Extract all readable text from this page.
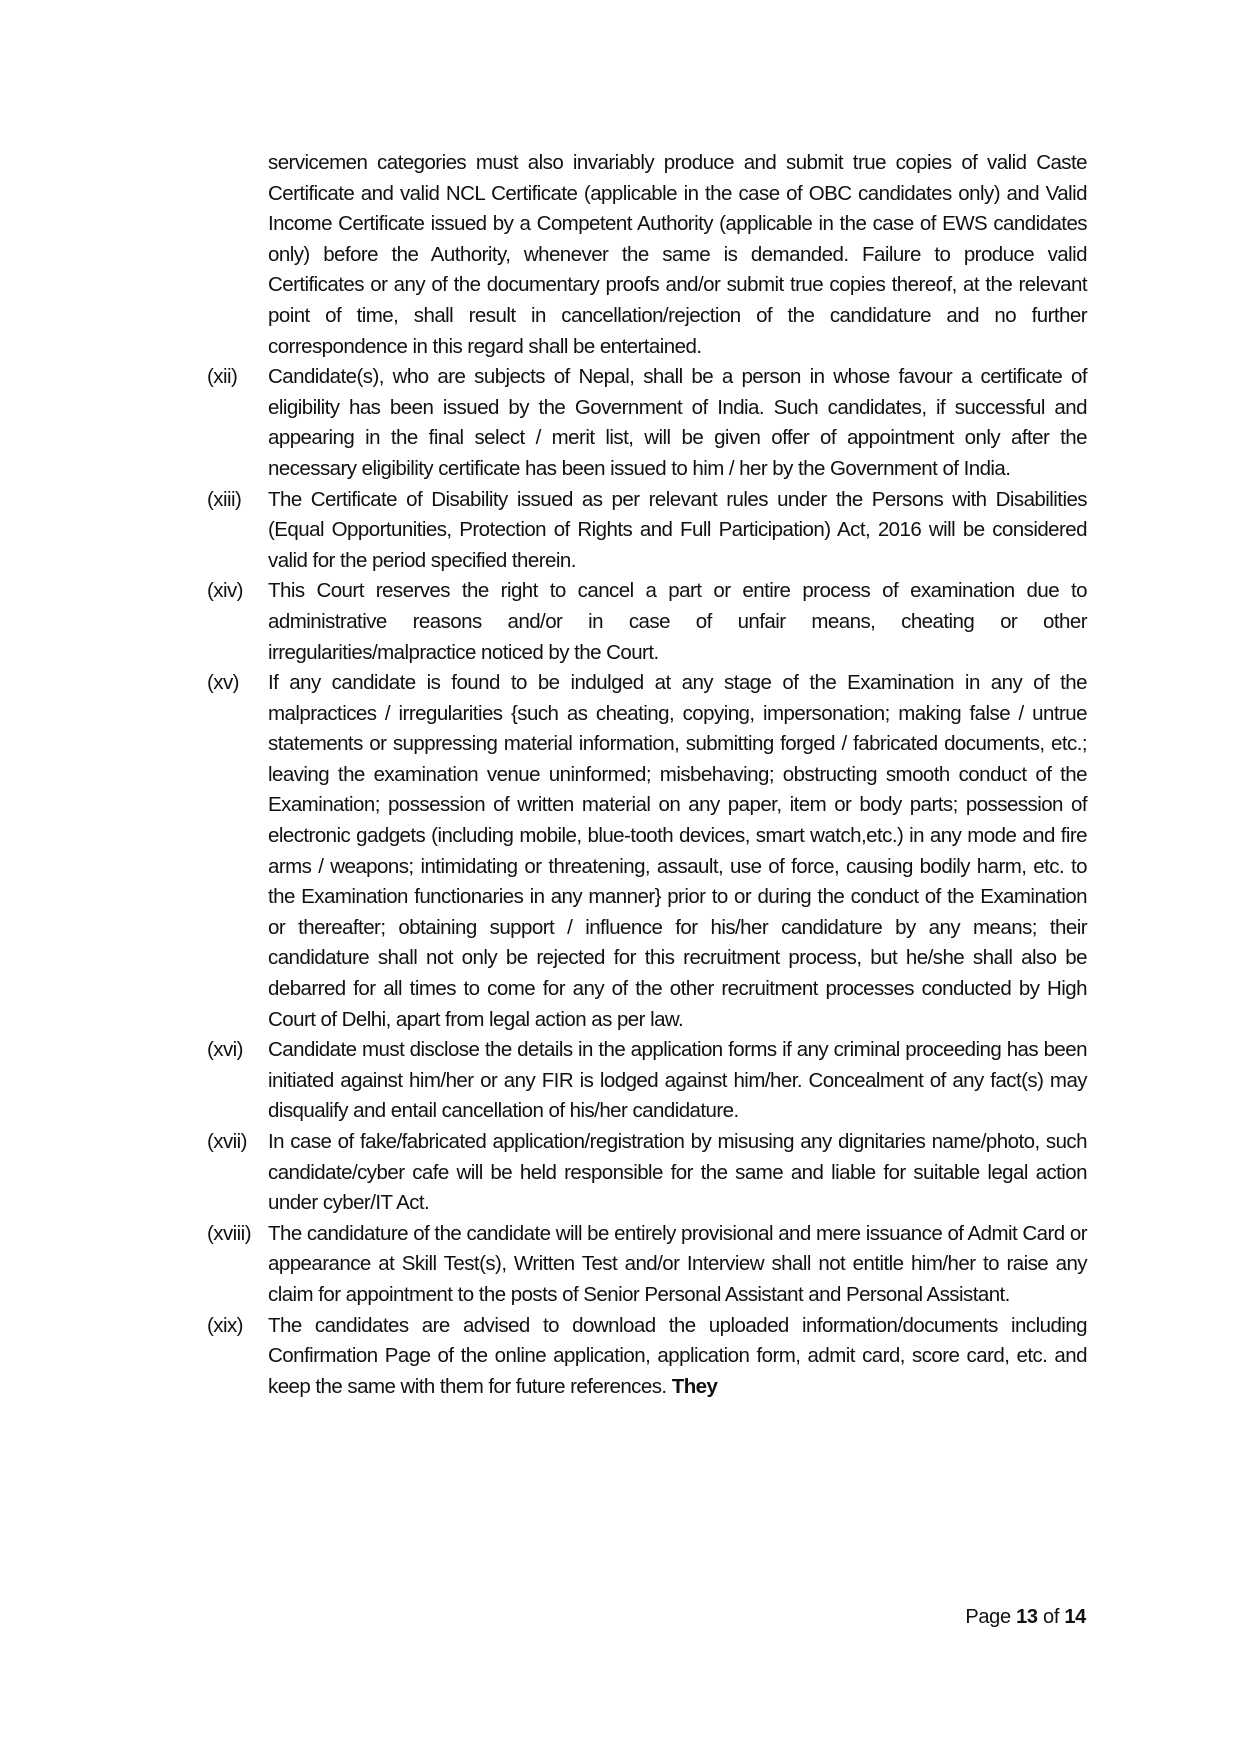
servicemen categories must also invariably produce and submit true copies of valid Caste Certificate and valid NCL Certificate (applicable in the case of OBC candidates only) and Valid Income Certificate issued by a Competent Authority (applicable in the case of EWS candidates only) before the Authority, whenever the same is demanded. Failure to produce valid Certificates or any of the documentary proofs and/or submit true copies thereof, at the relevant point of time, shall result in cancellation/rejection of the candidature and no further correspondence in this regard shall be entertained.
(xii)	Candidate(s), who are subjects of Nepal, shall be a person in whose favour a certificate of eligibility has been issued by the Government of India. Such candidates, if successful and appearing in the final select / merit list, will be given offer of appointment only after the necessary eligibility certificate has been issued to him / her by the Government of India.
(xiii)	The Certificate of Disability issued as per relevant rules under the Persons with Disabilities (Equal Opportunities, Protection of Rights and Full Participation) Act, 2016 will be considered valid for the period specified therein.
(xiv)	This Court reserves the right to cancel a part or entire process of examination due to administrative reasons and/or in case of unfair means, cheating or other irregularities/malpractice noticed by the Court.
(xv)	If any candidate is found to be indulged at any stage of the Examination in any of the malpractices / irregularities {such as cheating, copying, impersonation; making false / untrue statements or suppressing material information, submitting forged / fabricated documents, etc.; leaving the examination venue uninformed; misbehaving; obstructing smooth conduct of the Examination; possession of written material on any paper, item or body parts; possession of electronic gadgets (including mobile, blue-tooth devices, smart watch,etc.) in any mode and fire arms / weapons; intimidating or threatening, assault, use of force, causing bodily harm, etc. to the Examination functionaries in any manner} prior to or during the conduct of the Examination or thereafter; obtaining support / influence for his/her candidature by any means; their candidature shall not only be rejected for this recruitment process, but he/she shall also be debarred for all times to come for any of the other recruitment processes conducted by High Court of Delhi, apart from legal action as per law.
(xvi)	Candidate must disclose the details in the application forms if any criminal proceeding has been initiated against him/her or any FIR is lodged against him/her. Concealment of any fact(s) may disqualify and entail cancellation of his/her candidature.
(xvii)	In case of fake/fabricated application/registration by misusing any dignitaries name/photo, such candidate/cyber cafe will be held responsible for the same and liable for suitable legal action under cyber/IT Act.
(xviii) The candidature of the candidate will be entirely provisional and mere issuance of Admit Card or appearance at Skill Test(s), Written Test and/or Interview shall not entitle him/her to raise any claim for appointment to the posts of Senior Personal Assistant and Personal Assistant.
(xix)	The candidates are advised to download the uploaded information/documents including Confirmation Page of the online application, application form, admit card, score card, etc. and keep the same with them for future references. They
Page 13 of 14
